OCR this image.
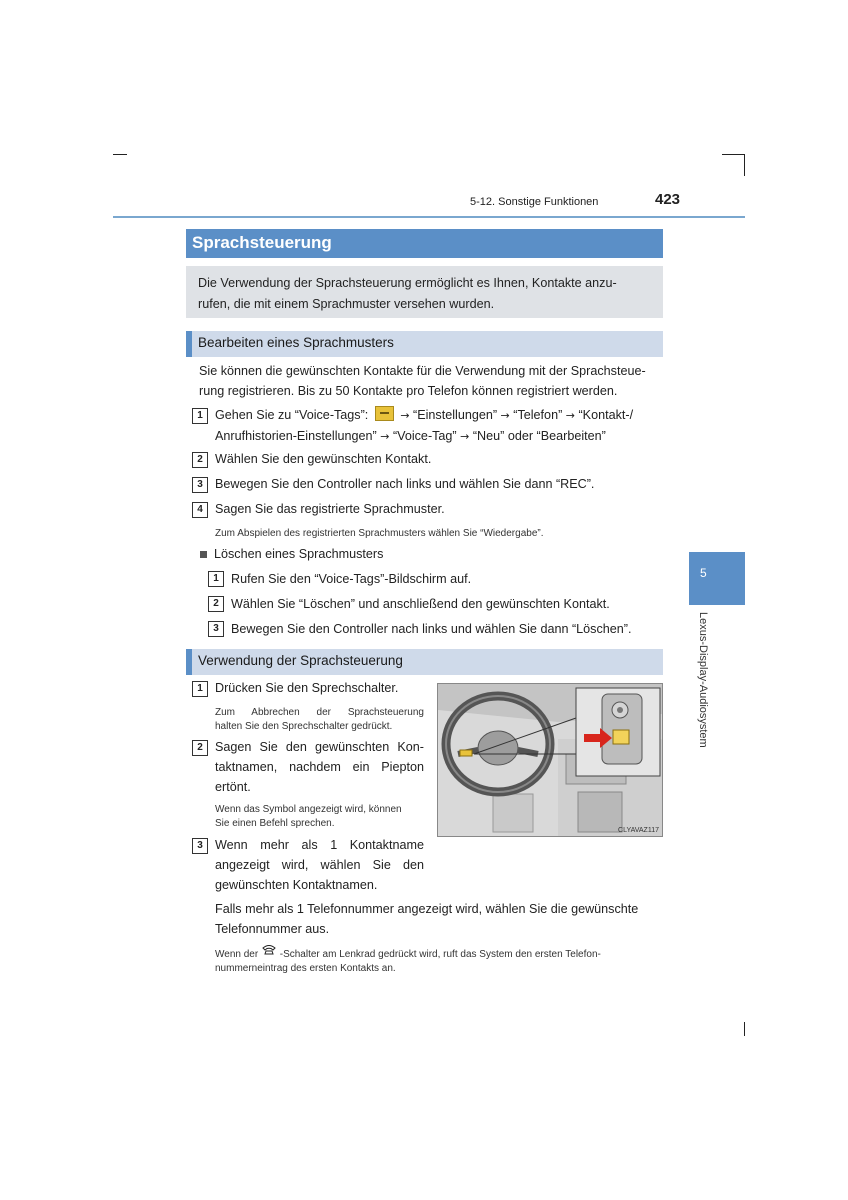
5-12. Sonstige Funktionen	423
Sprachsteuerung
Die Verwendung der Sprachsteuerung ermöglicht es Ihnen, Kontakte anzu-
rufen, die mit einem Sprachmuster versehen wurden.
Bearbeiten eines Sprachmusters
Sie können die gewünschten Kontakte für die Verwendung mit der Sprachsteue-
rung registrieren. Bis zu 50 Kontakte pro Telefon können registriert werden.
1 Gehen Sie zu “Voice-Tags”:	→ “Einstellungen” → “Telefon” → “Kontakt-/
Anrufhistorien-Einstellungen” → “Voice-Tag” → “Neu” oder “Bearbeiten”
2 Wählen Sie den gewünschten Kontakt.
3 Bewegen Sie den Controller nach links und wählen Sie dann “REC”.
4 Sagen Sie das registrierte Sprachmuster.
Zum Abspielen des registrierten Sprachmusters wählen Sie “Wiedergabe”.
Löschen eines Sprachmusters
1 Rufen Sie den “Voice-Tags”-Bildschirm auf.
2 Wählen Sie “Löschen” und anschließend den gewünschten Kontakt.
3 Bewegen Sie den Controller nach links und wählen Sie dann “Löschen”.
Verwendung der Sprachsteuerung
1 Drücken Sie den Sprechschalter.
Zum Abbrechen der Sprachsteuerung
halten Sie den Sprechschalter gedrückt.
2 Sagen Sie den gewünschten Kon-
taktnamen, nachdem ein Piepton
ertönt.
Wenn das Symbol angezeigt wird, können
Sie einen Befehl sprechen.
3 Wenn mehr als 1 Kontaktname
angezeigt wird, wählen Sie den
gewünschten Kontaktnamen.
Falls mehr als 1 Telefonnummer angezeigt wird, wählen Sie die gewünschte
Telefonnummer aus.
Wenn der -Schalter am Lenkrad gedrückt wird, ruft das System den ersten Telefon-
nummerneintrag des ersten Kontakts an.
CLYAVAZ117
5
Lexus-Display-Audiosystem
